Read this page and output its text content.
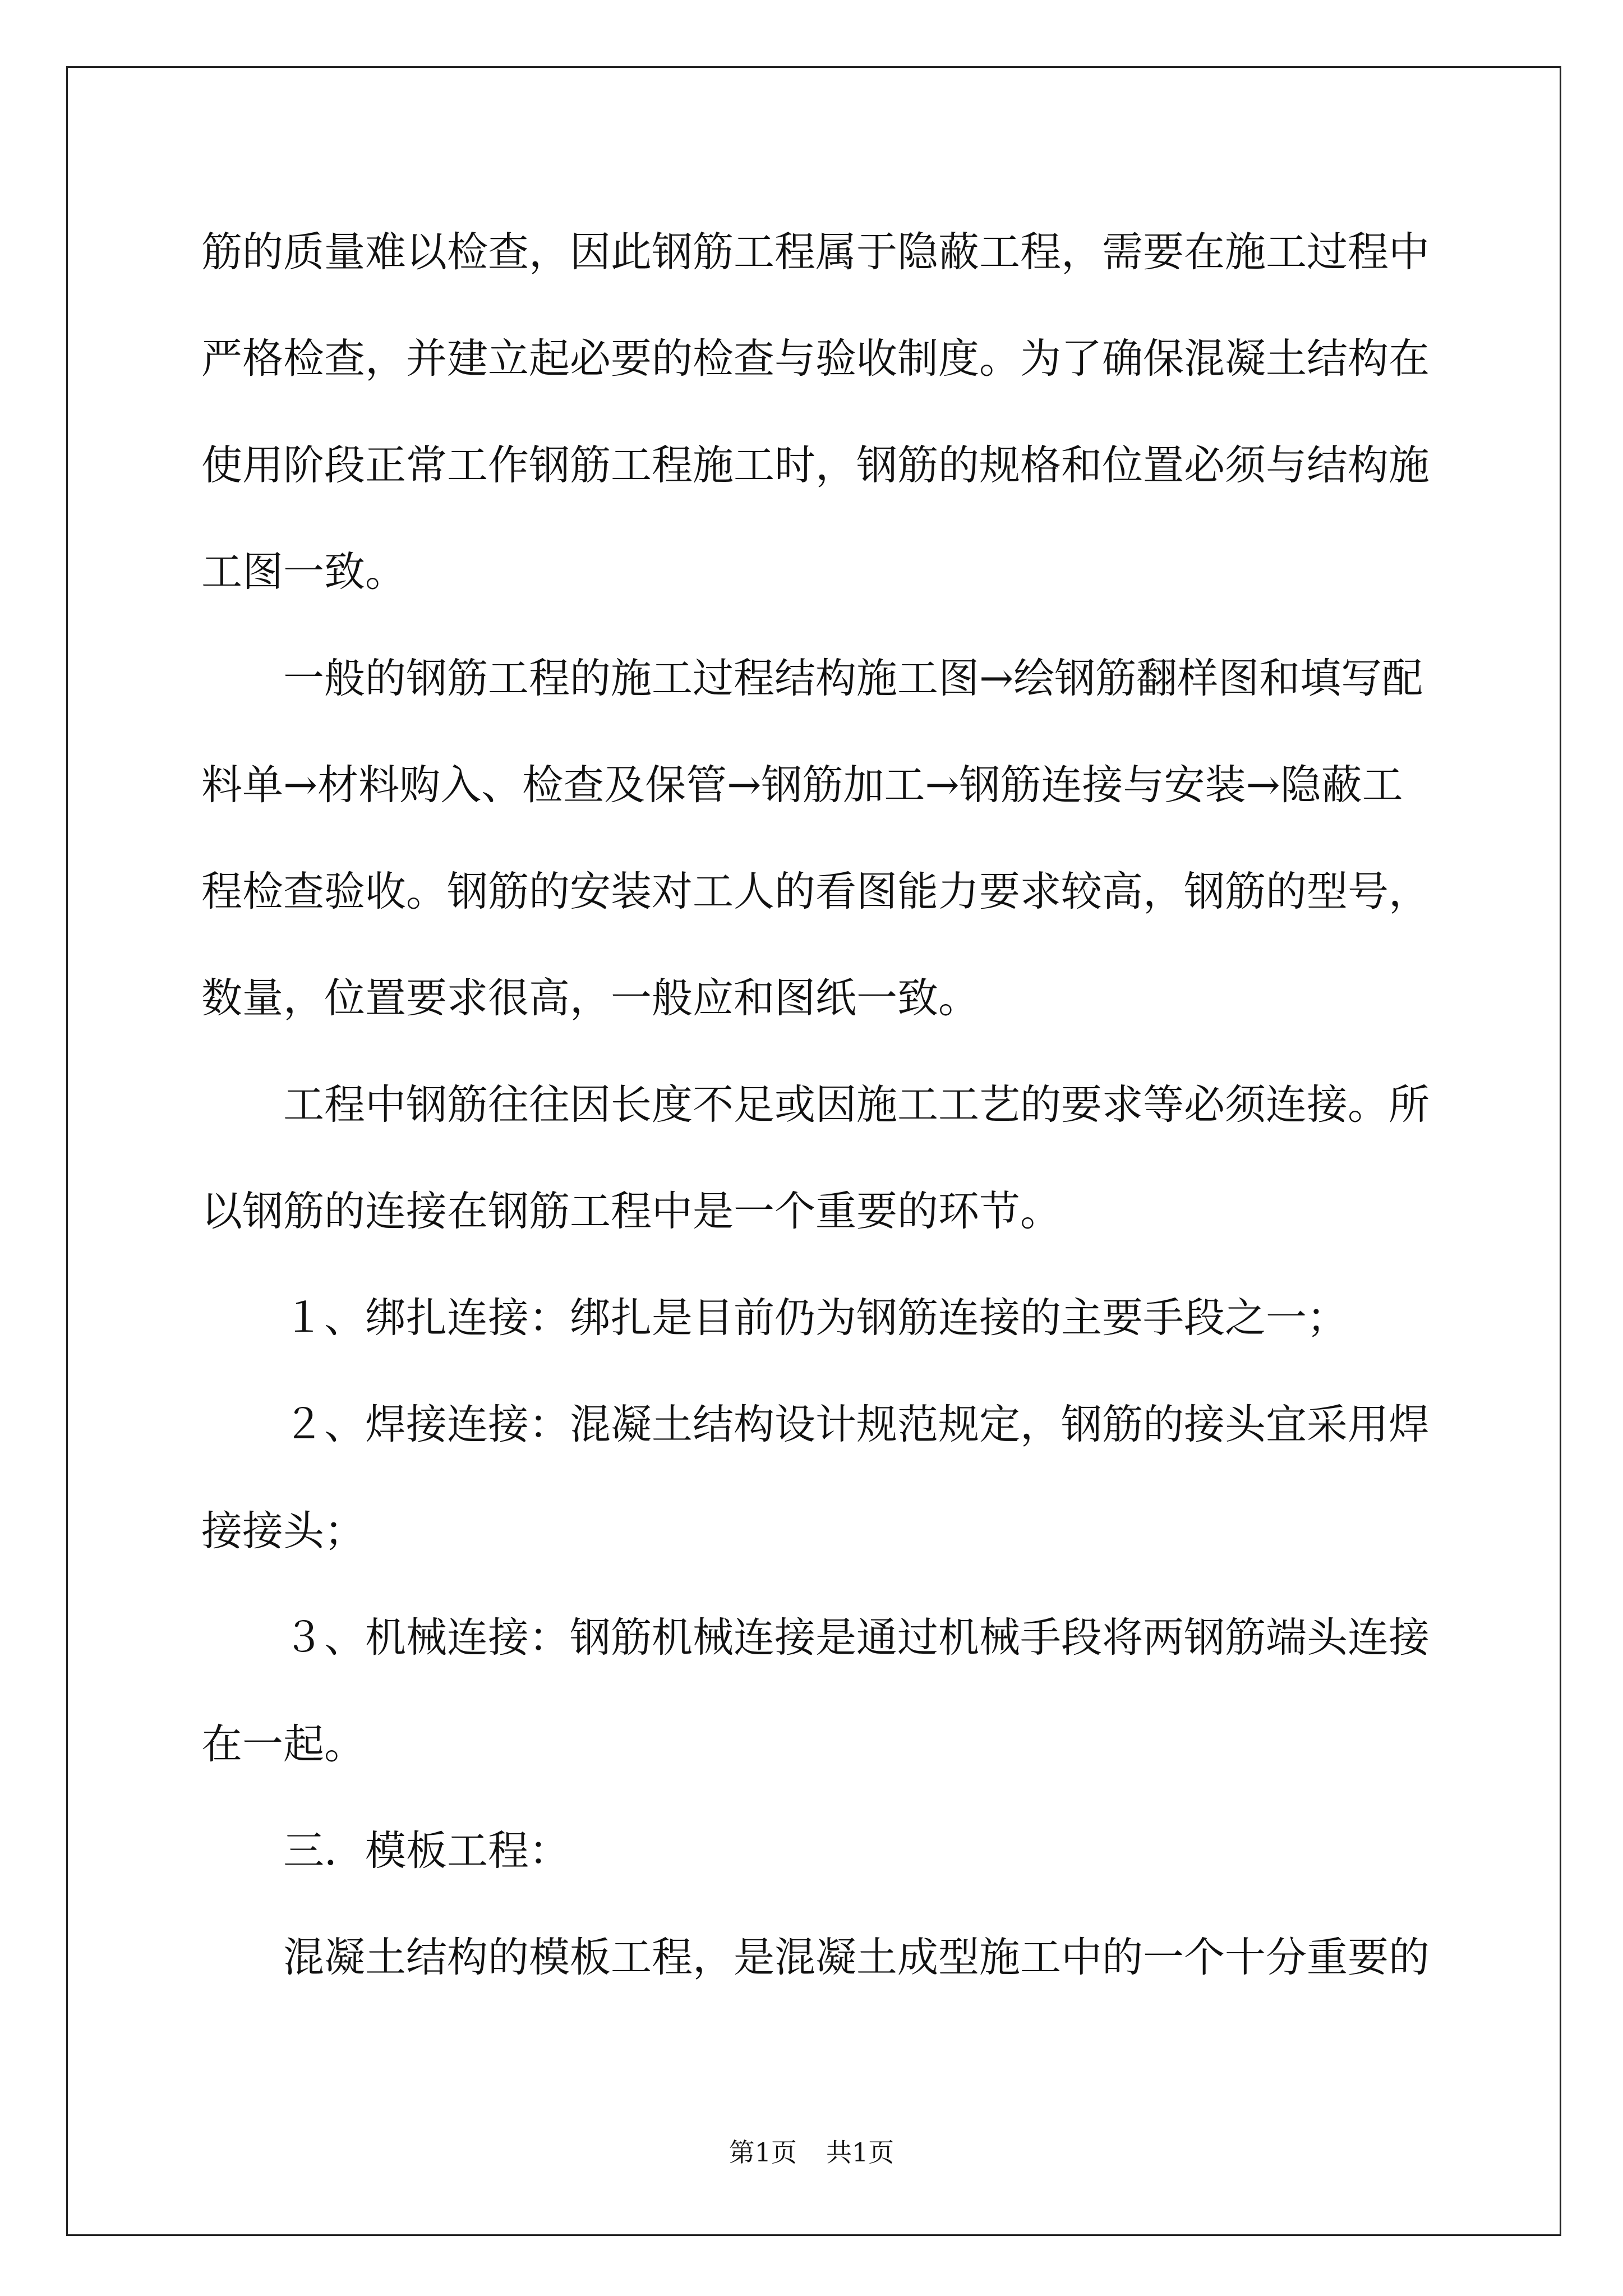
筋的质量难以检查，因此钢筋工程属于隐蔽工程，需要在施工过程中
严格检查，并建立起必要的检查与验收制度。为了确保混凝土结构在
使用阶段正常工作钢筋工程施工时，钢筋的规格和位置必须与结构施
工图一致。
一般的钢筋工程的施工过程结构施工图→绘钢筋翻样图和填写配
料单→材料购入、检查及保管→钢筋加工→钢筋连接与安装→隐蔽工
程检查验收。钢筋的安装对工人的看图能力要求较高，钢筋的型号，
数量，位置要求很高，一般应和图纸一致。
工程中钢筋往往因长度不足或因施工工艺的要求等必须连接。所
以钢筋的连接在钢筋工程中是一个重要的环节。
１、绑扎连接：绑扎是目前仍为钢筋连接的主要手段之一；
２、焊接连接：混凝土结构设计规范规定，钢筋的接头宜采用焊
接接头；
３、机械连接：钢筋机械连接是通过机械手段将两钢筋端头连接
在一起。
三．模板工程：
混凝土结构的模板工程，是混凝土成型施工中的一个十分重要的
第1页 共1页
